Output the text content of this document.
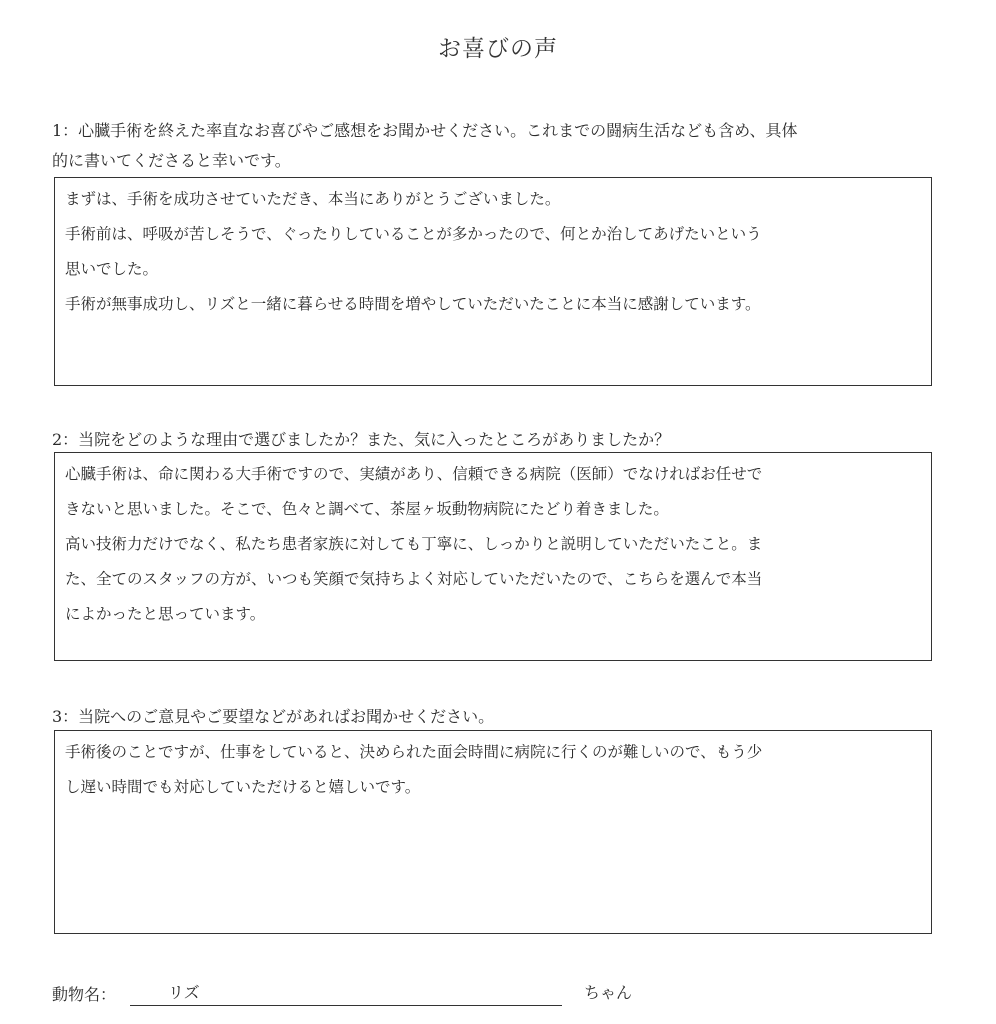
お喜びの声
1：心臓手術を終えた率直なお喜びやご感想をお聞かせください。これまでの闘病生活なども含め、具体
的に書いてくださると幸いです。
まずは、手術を成功させていただき、本当にありがとうございました。
手術前は、呼吸が苦しそうで、ぐったりしていることが多かったので、何とか治してあげたいという
思いでした。
手術が無事成功し、リズと一緒に暮らせる時間を増やしていただいたことに本当に感謝しています。
2：当院をどのような理由で選びましたか？また、気に入ったところがありましたか？
心臓手術は、命に関わる大手術ですので、実績があり、信頼できる病院（医師）でなければお任せで
きないと思いました。そこで、色々と調べて、茶屋ヶ坂動物病院にたどり着きました。
高い技術力だけでなく、私たち患者家族に対しても丁寧に、しっかりと説明していただいたこと。ま
た、全てのスタッフの方が、いつも笑顔で気持ちよく対応していただいたので、こちらを選んで本当
によかったと思っています。
3：当院へのご意見やご要望などがあればお聞かせください。
手術後のことですが、仕事をしていると、決められた面会時間に病院に行くのが難しいので、もう少
し遅い時間でも対応していただけると嬉しいです。
動物名：	リズ	ちゃん
